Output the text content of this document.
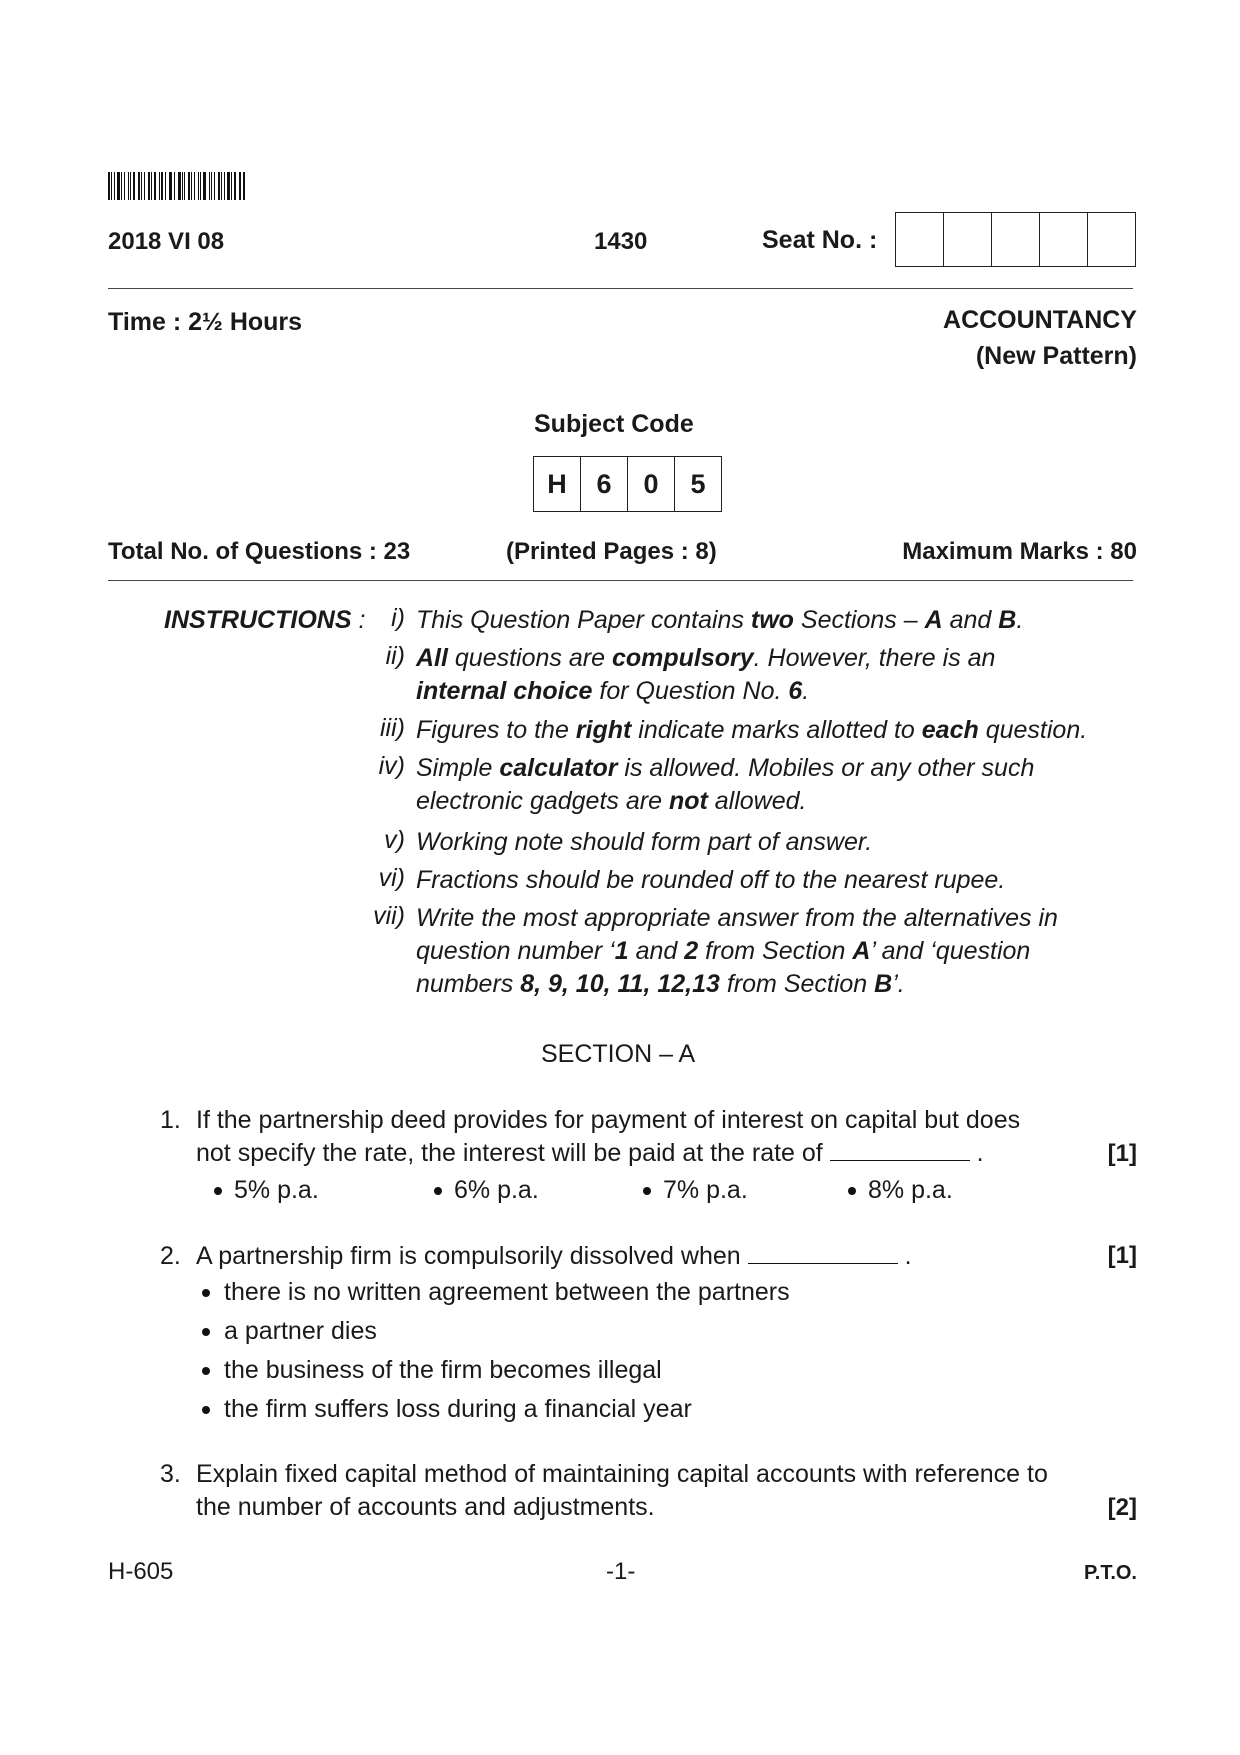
2018 VI 08	1430	Seat No. :
Time : 2½ Hours	ACCOUNTANCY
(New Pattern)
Subject Code
H	6	0	5
Total No. of Questions : 23	(Printed Pages : 8)	Maximum Marks : 80
INSTRUCTIONS :	i) This Question Paper contains two Sections – A and B.
ii) All questions are compulsory. However, there is an
internal choice for Question No. 6.
iii) Figures to the right indicate marks allotted to each question.
iv) Simple calculator is allowed. Mobiles or any other such
electronic gadgets are not allowed.
v) Working note should form part of answer.
vi) Fractions should be rounded off to the nearest rupee.
vii) Write the most appropriate answer from the alternatives in
question number ‘1 and 2 from Section A’ and ‘question
numbers 8, 9, 10, 11, 12,13 from Section B’.
SECTION – A
1. If the partnership deed provides for payment of interest on capital but does
not specify the rate, the interest will be paid at the rate of	.	[1]
5% p.a.	6% p.a.	7% p.a.	8% p.a.
2. A partnership firm is compulsorily dissolved when	.	[1]
there is no written agreement between the partners
a partner dies
the business of the firm becomes illegal
the firm suffers loss during a financial year
3. Explain fixed capital method of maintaining capital accounts with reference to
the number of accounts and adjustments.	[2]
H-605	-1-	P.T.O.
